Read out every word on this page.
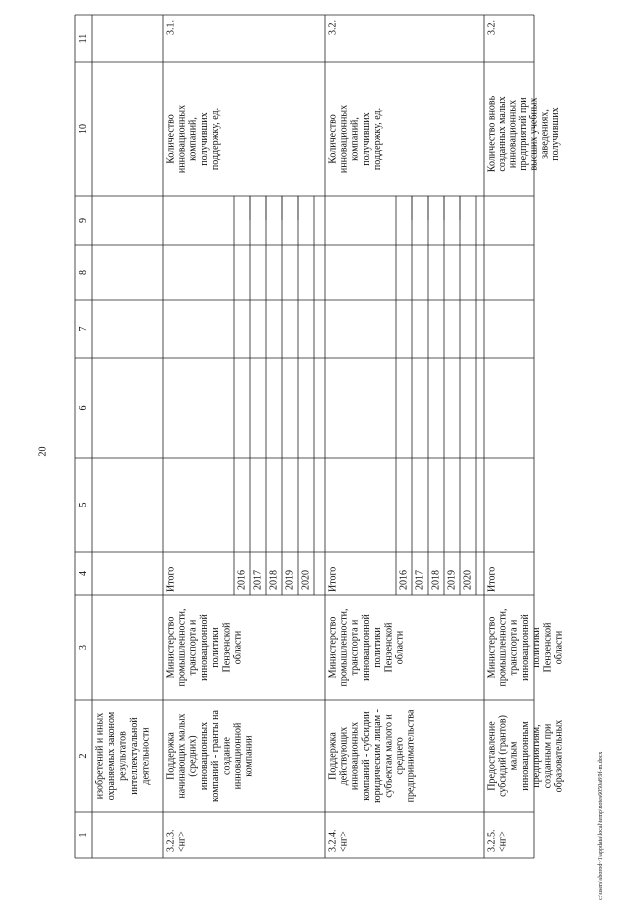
20
c:\users\sborod~1\appdata\local\temp\notes6050a8\9f-m.docx
1
2
3
4
5
6
7
8
9
10
11
изобретений и иных охраняемых законом результатов интеллектуальной деятельности
3.2.3. <нг>
Поддержка начинающих малых (средних) инновационных компаний - гранты на создание инновационной компании
Министерство промышленности, транспорта и инновационной политики Пензенской области
Итого	2016 2017 2018 2019 2020
Количество инновационных компаний, получивших поддержку, ед.
3.1.
3.2.4. <нг>
Поддержка действующих инновационных компаний - субсидии юридическим лицам - субъектам малого и среднего предпринимательства
Министерство промышленности, транспорта и инновационной политики Пензенской области
Итого	2016 2017 2018 2019 2020
Количество инновационных компаний, получивших поддержку, ед.
3.2.
3.2.5. <нг>
Предоставление субсидий (грантов) малым инновационным предприятиям, созданным при образовательных
Министерство промышленности, транспорта и инновационной политики Пензенской области
Итого
Количество вновь созданных малых инновационных предприятий при высших учебных заведениях, получивших
3.2.
